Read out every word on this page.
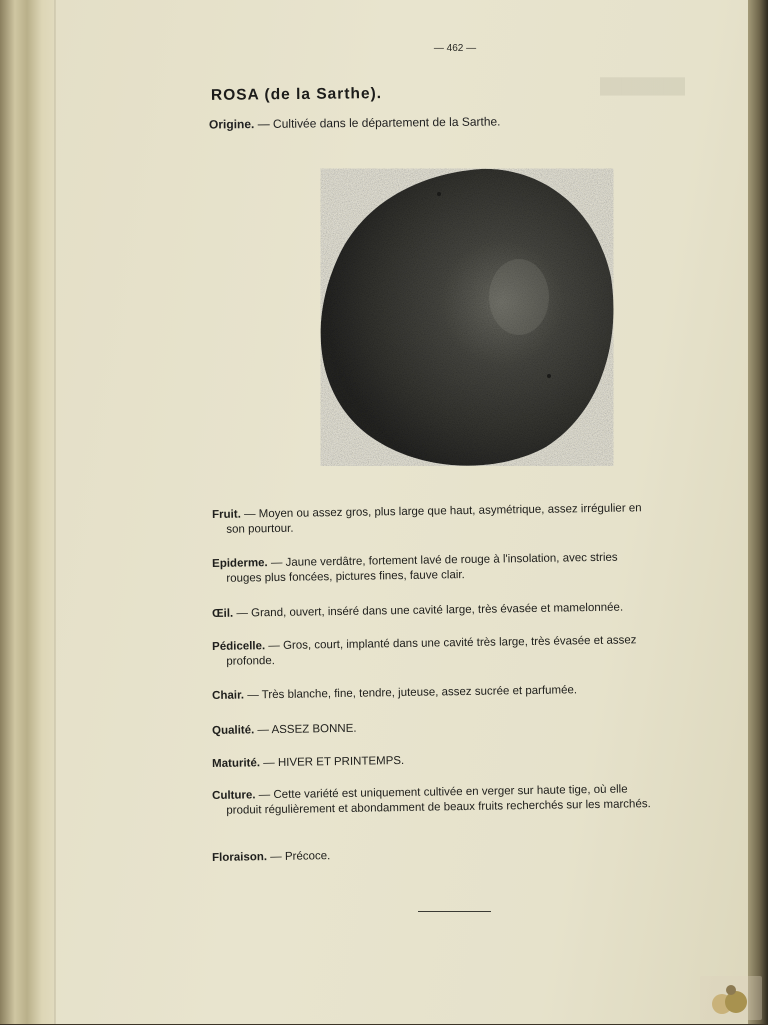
████████
— 462 —
ROSA (de la Sarthe).
Origine. — Cultivée dans le département de la Sarthe.
Fruit. — Moyen ou assez gros, plus large que haut, asymétrique, assez irrégulier en
son pourtour.
Epiderme. — Jaune verdâtre, fortement lavé de rouge à l'insolation, avec stries
rouges plus foncées, pictures fines, fauve clair.
Œil. — Grand, ouvert, inséré dans une cavité large, très évasée et mamelonnée.
Pédicelle. — Gros, court, implanté dans une cavité très large, très évasée et assez
profonde.
Chair. — Très blanche, fine, tendre, juteuse, assez sucrée et parfumée.
Qualité. — ASSEZ BONNE.
Maturité. — HIVER ET PRINTEMPS.
Culture. — Cette variété est uniquement cultivée en verger sur haute tige, où elle
produit régulièrement et abondamment de beaux fruits recherchés sur les marchés.
Floraison. — Précoce.
